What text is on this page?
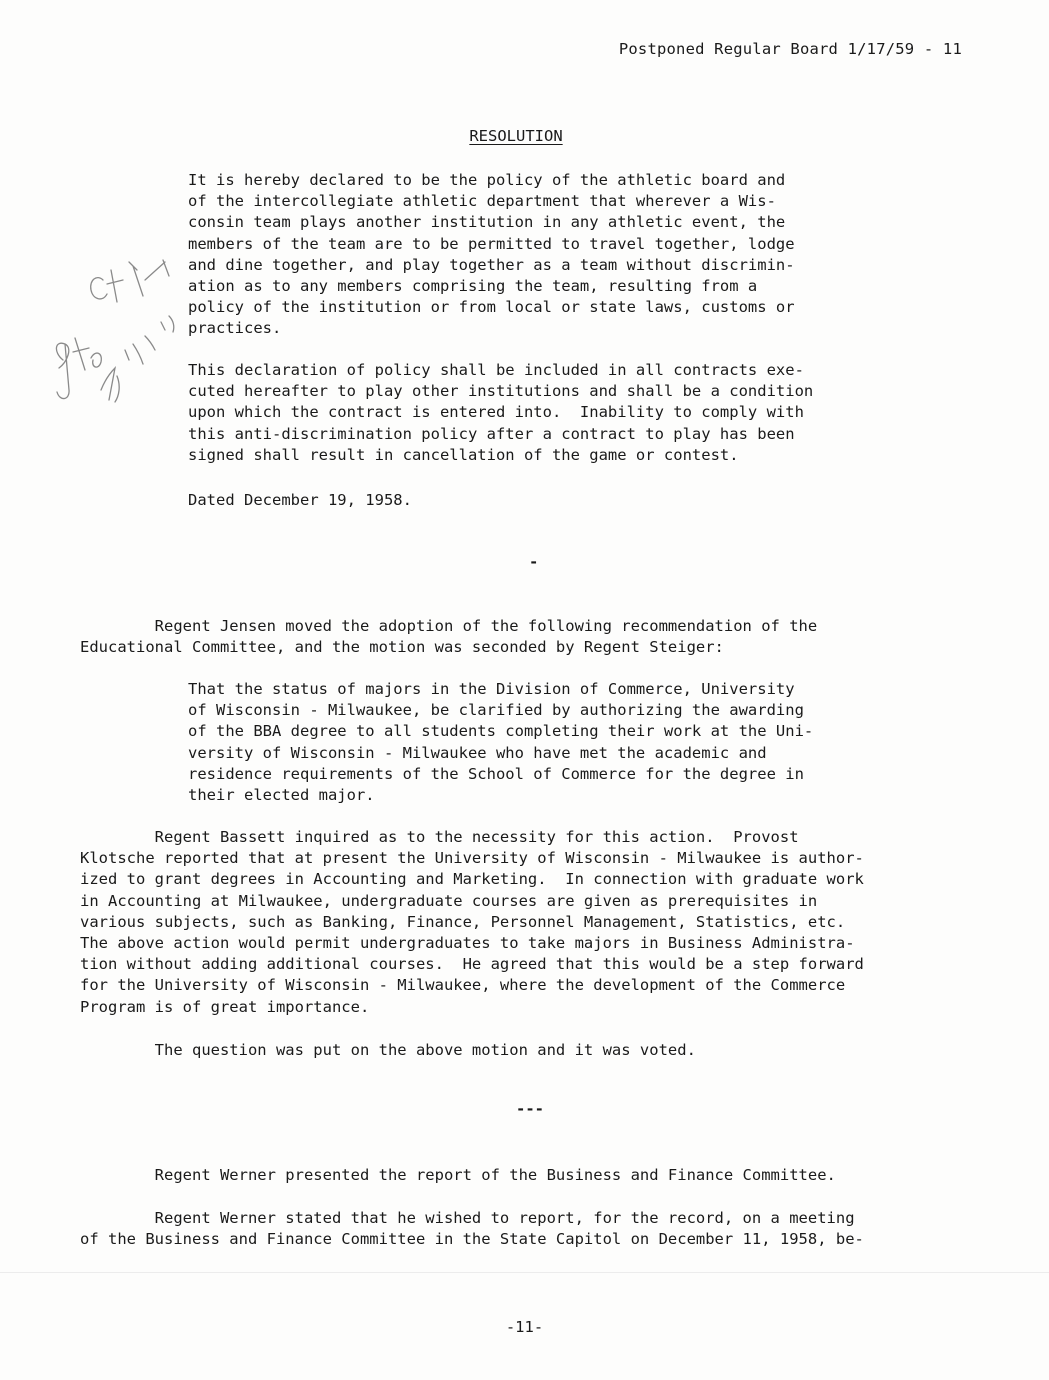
Postponed Regular Board 1/17/59 - 11
RESOLUTION

It is hereby declared to be the policy of the athletic board and
of the intercollegiate athletic department that wherever a Wis-
consin team plays another institution in any athletic event, the
members of the team are to be permitted to travel together, lodge
and dine together, and play together as a team without discrimin-
ation as to any members comprising the team, resulting from a
policy of the institution or from local or state laws, customs or
practices.

This declaration of policy shall be included in all contracts exe-
cuted hereafter to play other institutions and shall be a condition
upon which the contract is entered into.  Inability to comply with
this anti-discrimination policy after a contract to play has been
signed shall result in cancellation of the game or contest.

Dated December 19, 1958.

-

Regent Jensen moved the adoption of the following recommendation of the
Educational Committee, and the motion was seconded by Regent Steiger:

That the status of majors in the Division of Commerce, University
of Wisconsin - Milwaukee, be clarified by authorizing the awarding
of the BBA degree to all students completing their work at the Uni-
versity of Wisconsin - Milwaukee who have met the academic and
residence requirements of the School of Commerce for the degree in
their elected major.

Regent Bassett inquired as to the necessity for this action.  Provost
Klotsche reported that at present the University of Wisconsin - Milwaukee is author-
ized to grant degrees in Accounting and Marketing.  In connection with graduate work
in Accounting at Milwaukee, undergraduate courses are given as prerequisites in
various subjects, such as Banking, Finance, Personnel Management, Statistics, etc.
The above action would permit undergraduates to take majors in Business Administra-
tion without adding additional courses.  He agreed that this would be a step forward
for the University of Wisconsin - Milwaukee, where the development of the Commerce
Program is of great importance.

The question was put on the above motion and it was voted.

---

Regent Werner presented the report of the Business and Finance Committee.

Regent Werner stated that he wished to report, for the record, on a meeting
of the Business and Finance Committee in the State Capitol on December 11, 1958, be-

-11-
